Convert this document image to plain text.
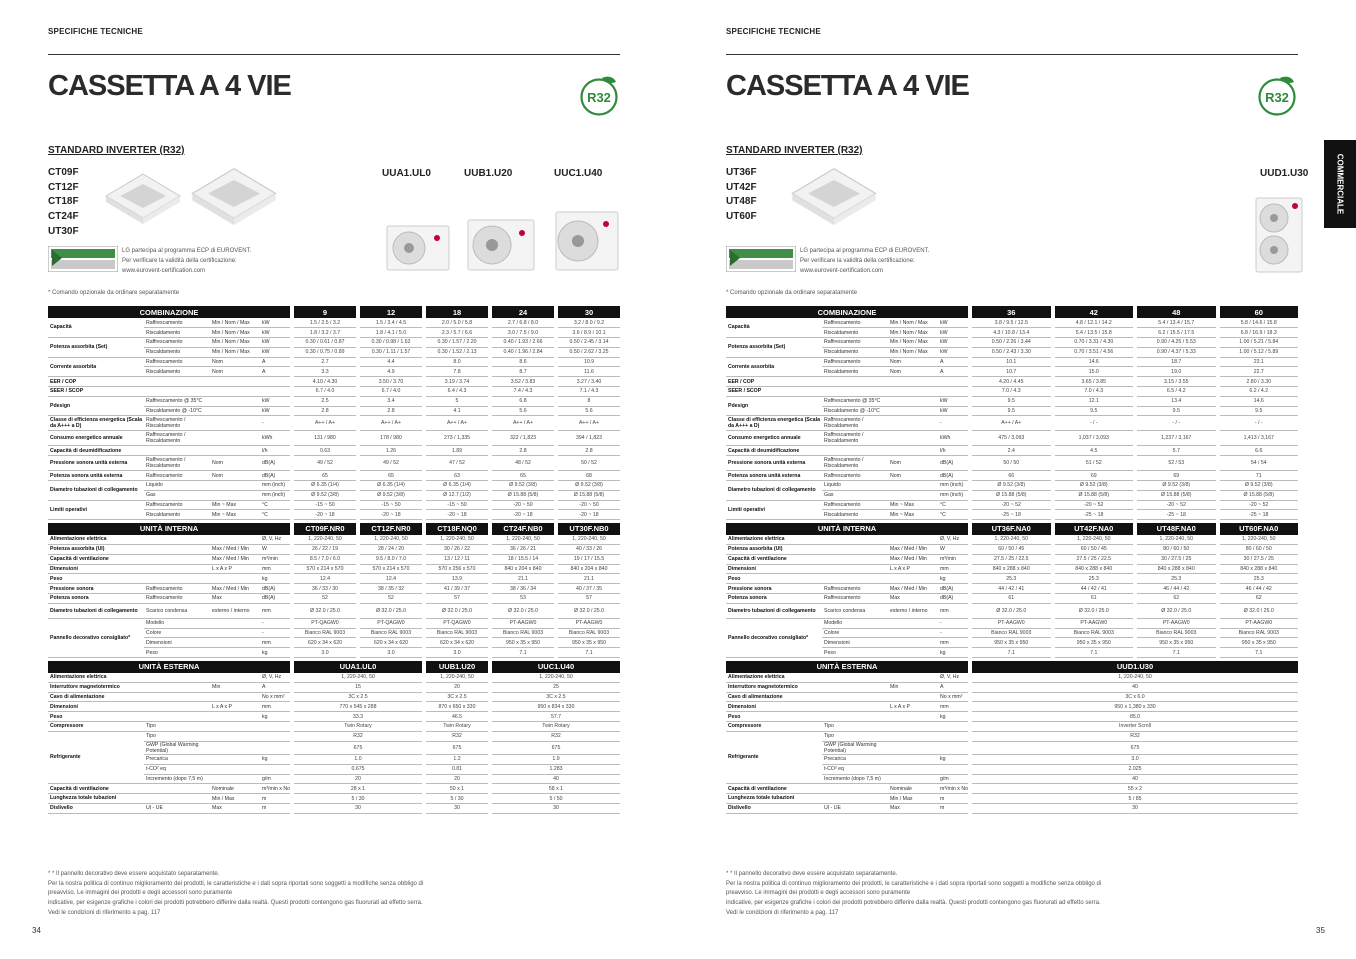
SPECIFICHE TECNICHE
CASSETTA A 4 VIE	R32
STANDARD INVERTER (R32)
CT09F
CT12F
CT18F
CT24F
UT30F
UUA1.UL0	UUB1.U20	UUC1.U40
LG partecipa al programma ECP di EUROVENT.
Per verificare la validità della certificazione:
www.eurovent-certification.com
* Comando opzionale da ordinare separatamente
COMBINAZIONE					9		12		18		24		30
Capacità	Raffrescamento	Min / Nom / Max	kW		1.5 / 2.5 / 3.2		1.5 / 3.4 / 4.5		2.0 / 5.0 / 5.8		2.7 / 6.8 / 8.0		3.2 / 8.0 / 9.2
	Riscaldamento	Min / Nom / Max	kW		1.8 / 3.2 / 3.7		1.8 / 4.1 / 5.0		2.3 / 5.7 / 6.6		3.0 / 7.5 / 9.0		3.6 / 8.9 / 10.1
Potenza assorbita (Set)	Raffrescamento	Min / Nom / Max	kW		0.30 / 0.61 / 0.87		0.30 / 0.98 / 1.62		0.30 / 1.57 / 2.20		0.40 / 1.93 / 2.66		0.50 / 2.45 / 3.14
	Riscaldamento	Min / Nom / Max	kW		0.30 / 0.75 / 0.89		0.30 / 1.11 / 1.57		0.30 / 1.52 / 2.13		0.40 / 1.96 / 2.84		0.50 / 2.62 / 3.25
Corrente assorbita	Raffrescamento	Nom	A		2.7		4.4		8.0		8.6		10.9
	Riscaldamento	Nom	A		3.3		4.9		7.8		8.7		11.6
EER / COP					4.10 / 4.30		3.50 / 3.70		3.19 / 3.74		3.52 / 3.83		3.27 / 3.40
SEER / SCOP					6.7 / 4.0		6.7 / 4.0		6.4 / 4.3		7.4 / 4.3		7.1 / 4.3
Pdesign	Raffrescamento @ 35°C		kW		2.5		3.4		5		6.8		8
	Riscaldamento @ -10°C		kW		2.8		2.8		4.1		5.6		5.6
Classe di efficienza energetica (Scala da A+++ a D)	Raffrescamento / Riscaldamento		-		A++ / A+		A++ / A+		A++ / A+		A++ / A+		A++ / A+
Consumo energetico annuale	Raffrescamento / Riscaldamento		kWh		131 / 980		178 / 980		273 / 1,335		322 / 1,823		394 / 1,823
Capacità di deumidificazione			l/h		0.63		1.26		1.89		2.8		2.8
Pressione sonora unità esterna	Raffrescamento / Riscaldamento	Nom	dB(A)		49 / 52		49 / 52		47 / 52		48 / 52		50 / 52
Potenza sonora unità esterna	Raffrescamento	Nom	dB(A)		65		65		63		65		68
Diametro tubazioni di collegamento	Liquido		mm (inch)		Ø 6.35 (1/4)		Ø 6.35 (1/4)		Ø 6.35 (1/4)		Ø 9.52 (3/8)		Ø 9.52 (3/8)
	Gas		mm (inch)		Ø 9.52 (3/8)		Ø 9.52 (3/8)		Ø 12.7 (1/2)		Ø 15.88 (5/8)		Ø 15.88 (5/8)
Limiti operativi	Raffrescamento	Min ~ Max	°C		-15 ~ 50		-15 ~ 50		-15 ~ 50		-20 ~ 50		-20 ~ 50
	Riscaldamento	Min ~ Max	°C		-20 ~ 18		-20 ~ 18		-20 ~ 18		-20 ~ 18		-20 ~ 18

UNITÀ INTERNA					CT09F.NR0		CT12F.NR0		CT18F.NQ0		CT24F.NB0		UT30F.NB0
Alimentazione elettrica			Ø, V, Hz		1, 220-240, 50		1, 220-240, 50		1, 220-240, 50		1, 220-240, 50		1, 220-240, 50
Potenza assorbita (UI)		Max / Med / Min	W		26 / 22 / 19		28 / 24 / 20		30 / 26 / 22		36 / 26 / 21		40 / 33 / 26
Capacità di ventilazione		Max / Med / Min	m³/min		8.5 / 7.0 / 6.0		9.5 / 8.0 / 7.0		13 / 12 / 11		18 / 15.5 / 14		19 / 17 / 15.5
Dimensioni		L x A x P	mm		570 x 214 x 570		570 x 214 x 570		570 x 256 x 570		840 x 204 x 840		840 x 204 x 840
Peso			kg		12.4		12.4		13.9		21.1		21.1
Pressione sonora	Raffrescamento	Max / Med / Min	dB(A)		36 / 33 / 30		38 / 35 / 32		41 / 39 / 37		38 / 36 / 34		40 / 37 / 35
Potenza sonora	Raffrescamento	Max	dB(A)		52		52		57		53		57
Diametro tubazioni di collegamento	Scarico condensa	esterno / interno	mm		Ø 32.0 / 25.0		Ø 32.0 / 25.0		Ø 32.0 / 25.0		Ø 32.0 / 25.0		Ø 32.0 / 25.0
Pannello decorativo consigliato*	Modello		-		PT-QAGW0		PT-QAGW0		PT-QAGW0		PT-AAGW0		PT-AAGW0
	Colore		-		Bianco RAL 9003		Bianco RAL 9003		Bianco RAL 9003		Bianco RAL 9003		Bianco RAL 9003
	Dimensioni		mm		620 x 34 x 620		620 x 34 x 620		620 x 34 x 620		950 x 35 x 950		950 x 35 x 950
	Peso		kg		3.0		3.0		3.0		7.1		7.1

UNITÀ ESTERNA					UUA1.UL0				UUB1.U20		UUC1.U40		
Alimentazione elettrica			Ø, V, Hz		1, 220-240, 50				1, 220-240, 50		1, 220-240, 50		
Interruttore magnetotermico		Min	A		15				20		25		
Cavo di alimentazione			No x mm²		3C x 2.5				3C x 2.5		3C x 2.5		
Dimensioni		L x A x P	mm		770 x 545 x 288				870 x 650 x 330		950 x 834 x 330		
Peso			kg		33.3				46.5		57.7		
Compressore	Tipo				Twin Rotary				Twin Rotary		Twin Rotary		
Refrigerante	Tipo				R32				R32		R32		
	GWP (Global Warming Potential)				675				675		675		
	Precarica		kg		1.0				1.2		1.9		
	t-CO² eq				0.675				0.81		1.283		
	Incremento (dopo 7,5 m)		g/m		20				20		40		
Capacità di ventilazione		Nominale	m³/min x No		28 x 1				50 x 1		58 x 1		
Lunghezza totale tubazioni		Min / Max	m		5 / 30				5 / 30		5 / 50		
Dislivello	UI - UE	Max	m		30				30		30		
* * Il pannello decorativo deve essere acquistato separatamente.
Per la nostra politica di continuo miglioramento dei prodotti, le caratteristiche e i dati sopra riportati sono soggetti a modifiche senza obbligo di
preavviso. Le immagini dei prodotti e degli accessori sono puramente
indicative, per esigenze grafiche i colori dei prodotti potrebbero differire dalla realtà. Questi prodotti contengono gas fluorurati ad effetto serra.
Vedi le condizioni di riferimento a pag. 117
34
SPECIFICHE TECNICHE
CASSETTA A 4 VIE	R32
STANDARD INVERTER (R32)
UT36F
UT42F
UT48F
UT60F
UUD1.U30
LG partecipa al programma ECP di EUROVENT.
Per verificare la validità della certificazione:
www.eurovent-certification.com
* Comando opzionale da ordinare separatamente
COMBINAZIONE					36		42		48		60
Capacità	Raffrescamento	Min / Nom / Max	kW		3.8 / 9.5 / 12.5		4.8 / 12.1 / 14.2		5.4 / 13.4 / 15.7		5.8 / 14.6 / 15.8
	Riscaldamento	Min / Nom / Max	kW		4.3 / 10.8 / 13.4		5.4 / 13.5 / 15.8		6.2 / 15.5 / 17.5		6.8 / 16.9 / 18.3
Potenza assorbita (Set)	Raffrescamento	Min / Nom / Max	kW		0.50 / 2.26 / 3.44		0.70 / 3.31 / 4.30		0.90 / 4.25 / 5.53		1.00 / 5.21 / 5.84
	Riscaldamento	Min / Nom / Max	kW		0.50 / 2.43 / 3.30		0.70 / 3.51 / 4.56		0.90 / 4.37 / 5.33		1.00 / 5.12 / 5.89
Corrente assorbita	Raffrescamento	Nom	A		10.1		14.6		18.7		23.1
	Riscaldamento	Nom	A		10.7		15.0		19.0		22.7
EER / COP					4.20 / 4.45		3.65 / 3.85		3.15 / 3.55		2.80 / 3.30
SEER / SCOP					7.0 / 4.3		7.0 / 4.3		6.5 / 4.2		6.2 / 4.2
Pdesign	Raffrescamento @ 35°C		kW		9.5		12.1		13.4		14.6
	Riscaldamento @ -10°C		kW		9.5		9.5		9.5		9.5
Classe di efficienza energetica (Scala da A+++ a D)	Raffrescamento / Riscaldamento		-		A++ / A+		- / -		- / -		- / -
Consumo energetico annuale	Raffrescamento / Riscaldamento		kWh		475 / 3,093		1,037 / 3,093		1,237 / 3,167		1,413 / 3,167
Capacità di deumidificazione			l/h		2.4		4.5		5.7		6.6
Pressione sonora unità esterna	Raffrescamento / Riscaldamento	Nom	dB(A)		50 / 50		51 / 52		52 / 53		54 / 54
Potenza sonora unità esterna	Raffrescamento	Nom	dB(A)		66		69		69		71
Diametro tubazioni di collegamento	Liquido		mm (inch)		Ø 9.52 (3/8)		Ø 9.52 (3/8)		Ø 9.52 (3/8)		Ø 9.52 (3/8)
	Gas		mm (inch)		Ø 15.88 (5/8)		Ø 15.88 (5/8)		Ø 15.88 (5/8)		Ø 15.88 (5/8)
Limiti operativi	Raffrescamento	Min ~ Max	°C		-20 ~ 52		-20 ~ 52		-20 ~ 52		-20 ~ 52
	Riscaldamento	Min ~ Max	°C		-25 ~ 18		-25 ~ 18		-25 ~ 18		-25 ~ 18

UNITÀ INTERNA					UT36F.NA0		UT42F.NA0		UT48F.NA0		UT60F.NA0
Alimentazione elettrica			Ø, V, Hz		1, 220-240, 50		1, 220-240, 50		1, 220-240, 50		1, 220-240, 50
Potenza assorbita (UI)		Max / Med / Min	W		60 / 50 / 45		60 / 50 / 45		80 / 60 / 50		80 / 60 / 50
Capacità di ventilazione		Max / Med / Min	m³/min		27.5 / 25 / 22.5		27.5 / 25 / 22.5		30 / 27.5 / 25		30 / 27.5 / 25
Dimensioni		L x A x P	mm		840 x 288 x 840		840 x 288 x 840		840 x 288 x 840		840 x 288 x 840
Peso			kg		25.3		25.3		25.3		25.3
Pressione sonora	Raffrescamento	Max / Med / Min	dB(A)		44 / 42 / 41		44 / 42 / 41		46 / 44 / 42		46 / 44 / 42
Potenza sonora	Raffrescamento	Max	dB(A)		61		61		62		62
Diametro tubazioni di collegamento	Scarico condensa	esterno / interno	mm		Ø 32.0 / 25.0		Ø 32.0 / 25.0		Ø 32.0 / 25.0		Ø 32.0 / 25.0
Pannello decorativo consigliato*	Modello		-		PT-AAGW0		PT-AAGW0		PT-AAGW0		PT-AAGW0
	Colore		-		Bianco RAL 9003		Bianco RAL 9003		Bianco RAL 9003		Bianco RAL 9003
	Dimensioni		mm		950 x 35 x 950		950 x 35 x 950		950 x 35 x 950		950 x 35 x 950
	Peso		kg		7.1		7.1		7.1		7.1

UNITÀ ESTERNA					UUD1.U30						
Alimentazione elettrica			Ø, V, Hz		1, 220-240, 50						
Interruttore magnetotermico		Min	A		40						
Cavo di alimentazione			No x mm²		3C x 6.0						
Dimensioni		L x A x P	mm		950 x 1,380 x 330						
Peso			kg		85.0						
Compressore	Tipo				Inverter Scroll						
Refrigerante	Tipo				R32						
	GWP (Global Warming Potential)				675						
	Precarica		kg		3.0						
	t-CO² eq				2.025						
	Incremento (dopo 7,5 m)		g/m		40						
Capacità di ventilazione		Nominale	m³/min x No		55 x 2						
Lunghezza totale tubazioni		Min / Max	m		5 / 85						
Dislivello	UI - UE	Max	m		30						
* * Il pannello decorativo deve essere acquistato separatamente.
Per la nostra politica di continuo miglioramento dei prodotti, le caratteristiche e i dati sopra riportati sono soggetti a modifiche senza obbligo di
preavviso. Le immagini dei prodotti e degli accessori sono puramente
indicative, per esigenze grafiche i colori dei prodotti potrebbero differire dalla realtà. Questi prodotti contengono gas fluorurati ad effetto serra.
Vedi le condizioni di riferimento a pag. 117
35
COMMERCIALE
